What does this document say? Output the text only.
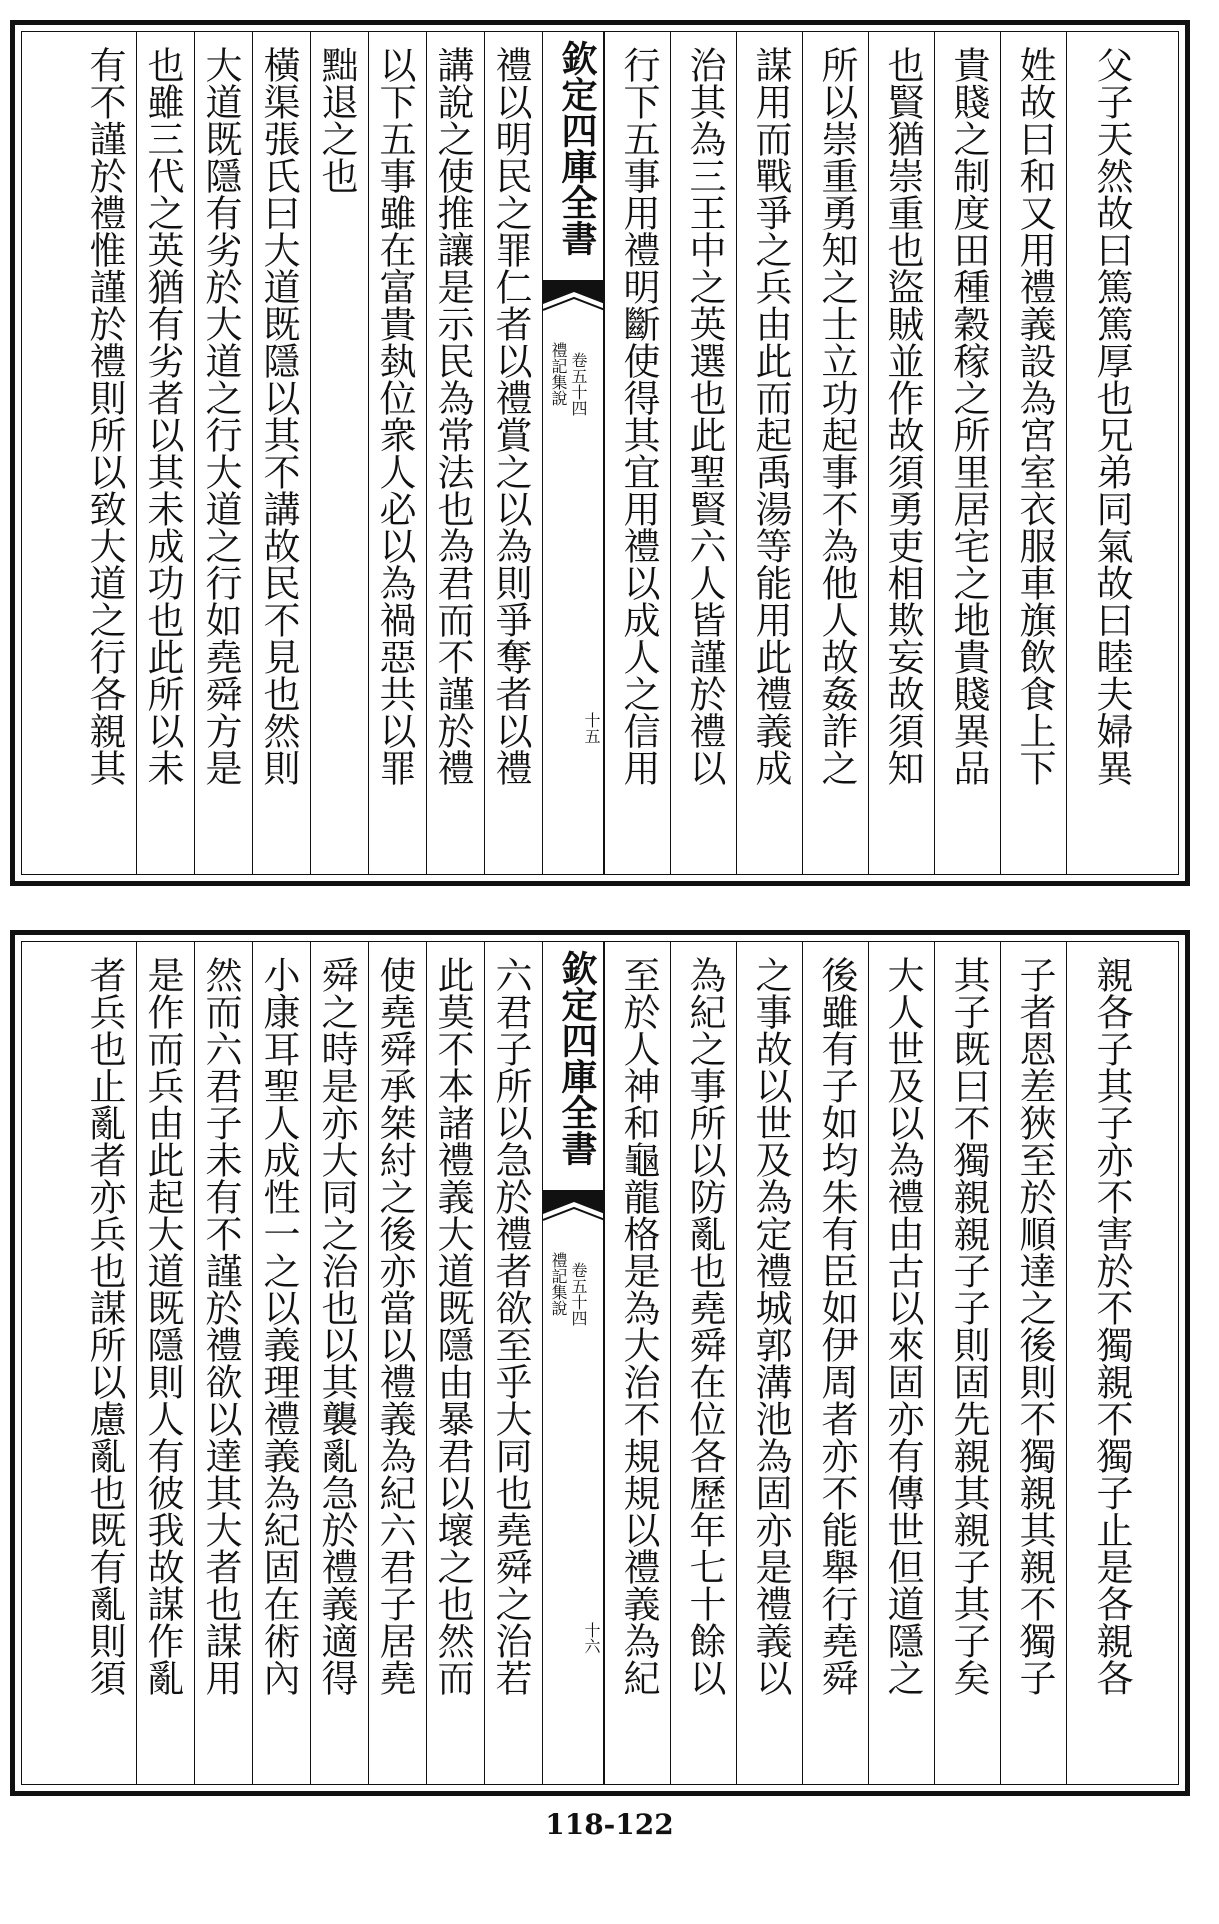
禮以明民之罪仁者以禮賞之以為則爭奪者以禮
講說之使推讓是示民為常法也為君而不謹於禮
以下五事雖在富貴埶位衆人必以為禍惡共以罪
黜退之也
橫渠張氏曰大道既隱以其不講故民不見也然則
大道既隱有劣於大道之行大道之行如堯舜方是
也雖三代之英猶有劣者以其未成功也此所以未
有不謹於禮惟謹於禮則所以致大道之行各親其	欽定四庫全書
禮記集說 卷五十四
十五 行下五事用禮明斷使得其宜用禮以成人之信用 治其為三王中之英選也此聖賢六人皆謹於禮以 謀用而戰爭之兵由此而起禹湯等能用此禮義成 所以崇重勇知之士立功起事不為他人故姦詐之 也賢猶崇重也盜賊並作故須勇吏相欺妄故須知 貴賤之制度田種穀稼之所里居宅之地貴賤異品 姓故曰和又用禮義設為宮室衣服車旗飲食上下 父子天然故曰篤篤厚也兄弟同氣故曰睦夫婦異
六君子所以急於禮者欲至乎大同也堯舜之治若
此莫不本諸禮義大道既隱由暴君以壞之也然而
使堯舜承桀紂之後亦當以禮義為紀六君子居堯
舜之時是亦大同之治也以其襲亂急於禮義適得
小康耳聖人成性一之以義理禮義為紀固在術內
然而六君子未有不謹於禮欲以達其大者也謀用
是作而兵由此起大道既隱則人有彼我故謀作亂
者兵也止亂者亦兵也謀所以慮亂也既有亂則須	欽定四庫全書
禮記集說 卷五十四
十六 至於人神和龜龍格是為大治不規規以禮義為紀 為紀之事所以防亂也堯舜在位各歷年七十餘以 之事故以世及為定禮城郭溝池為固亦是禮義以 後雖有子如均朱有臣如伊周者亦不能舉行堯舜 大人世及以為禮由古以來固亦有傳世但道隱之 其子既曰不獨親親子子則固先親其親子其子矣 子者恩差狹至於順達之後則不獨親其親不獨子 親各子其子亦不害於不獨親不獨子止是各親各
118-122
